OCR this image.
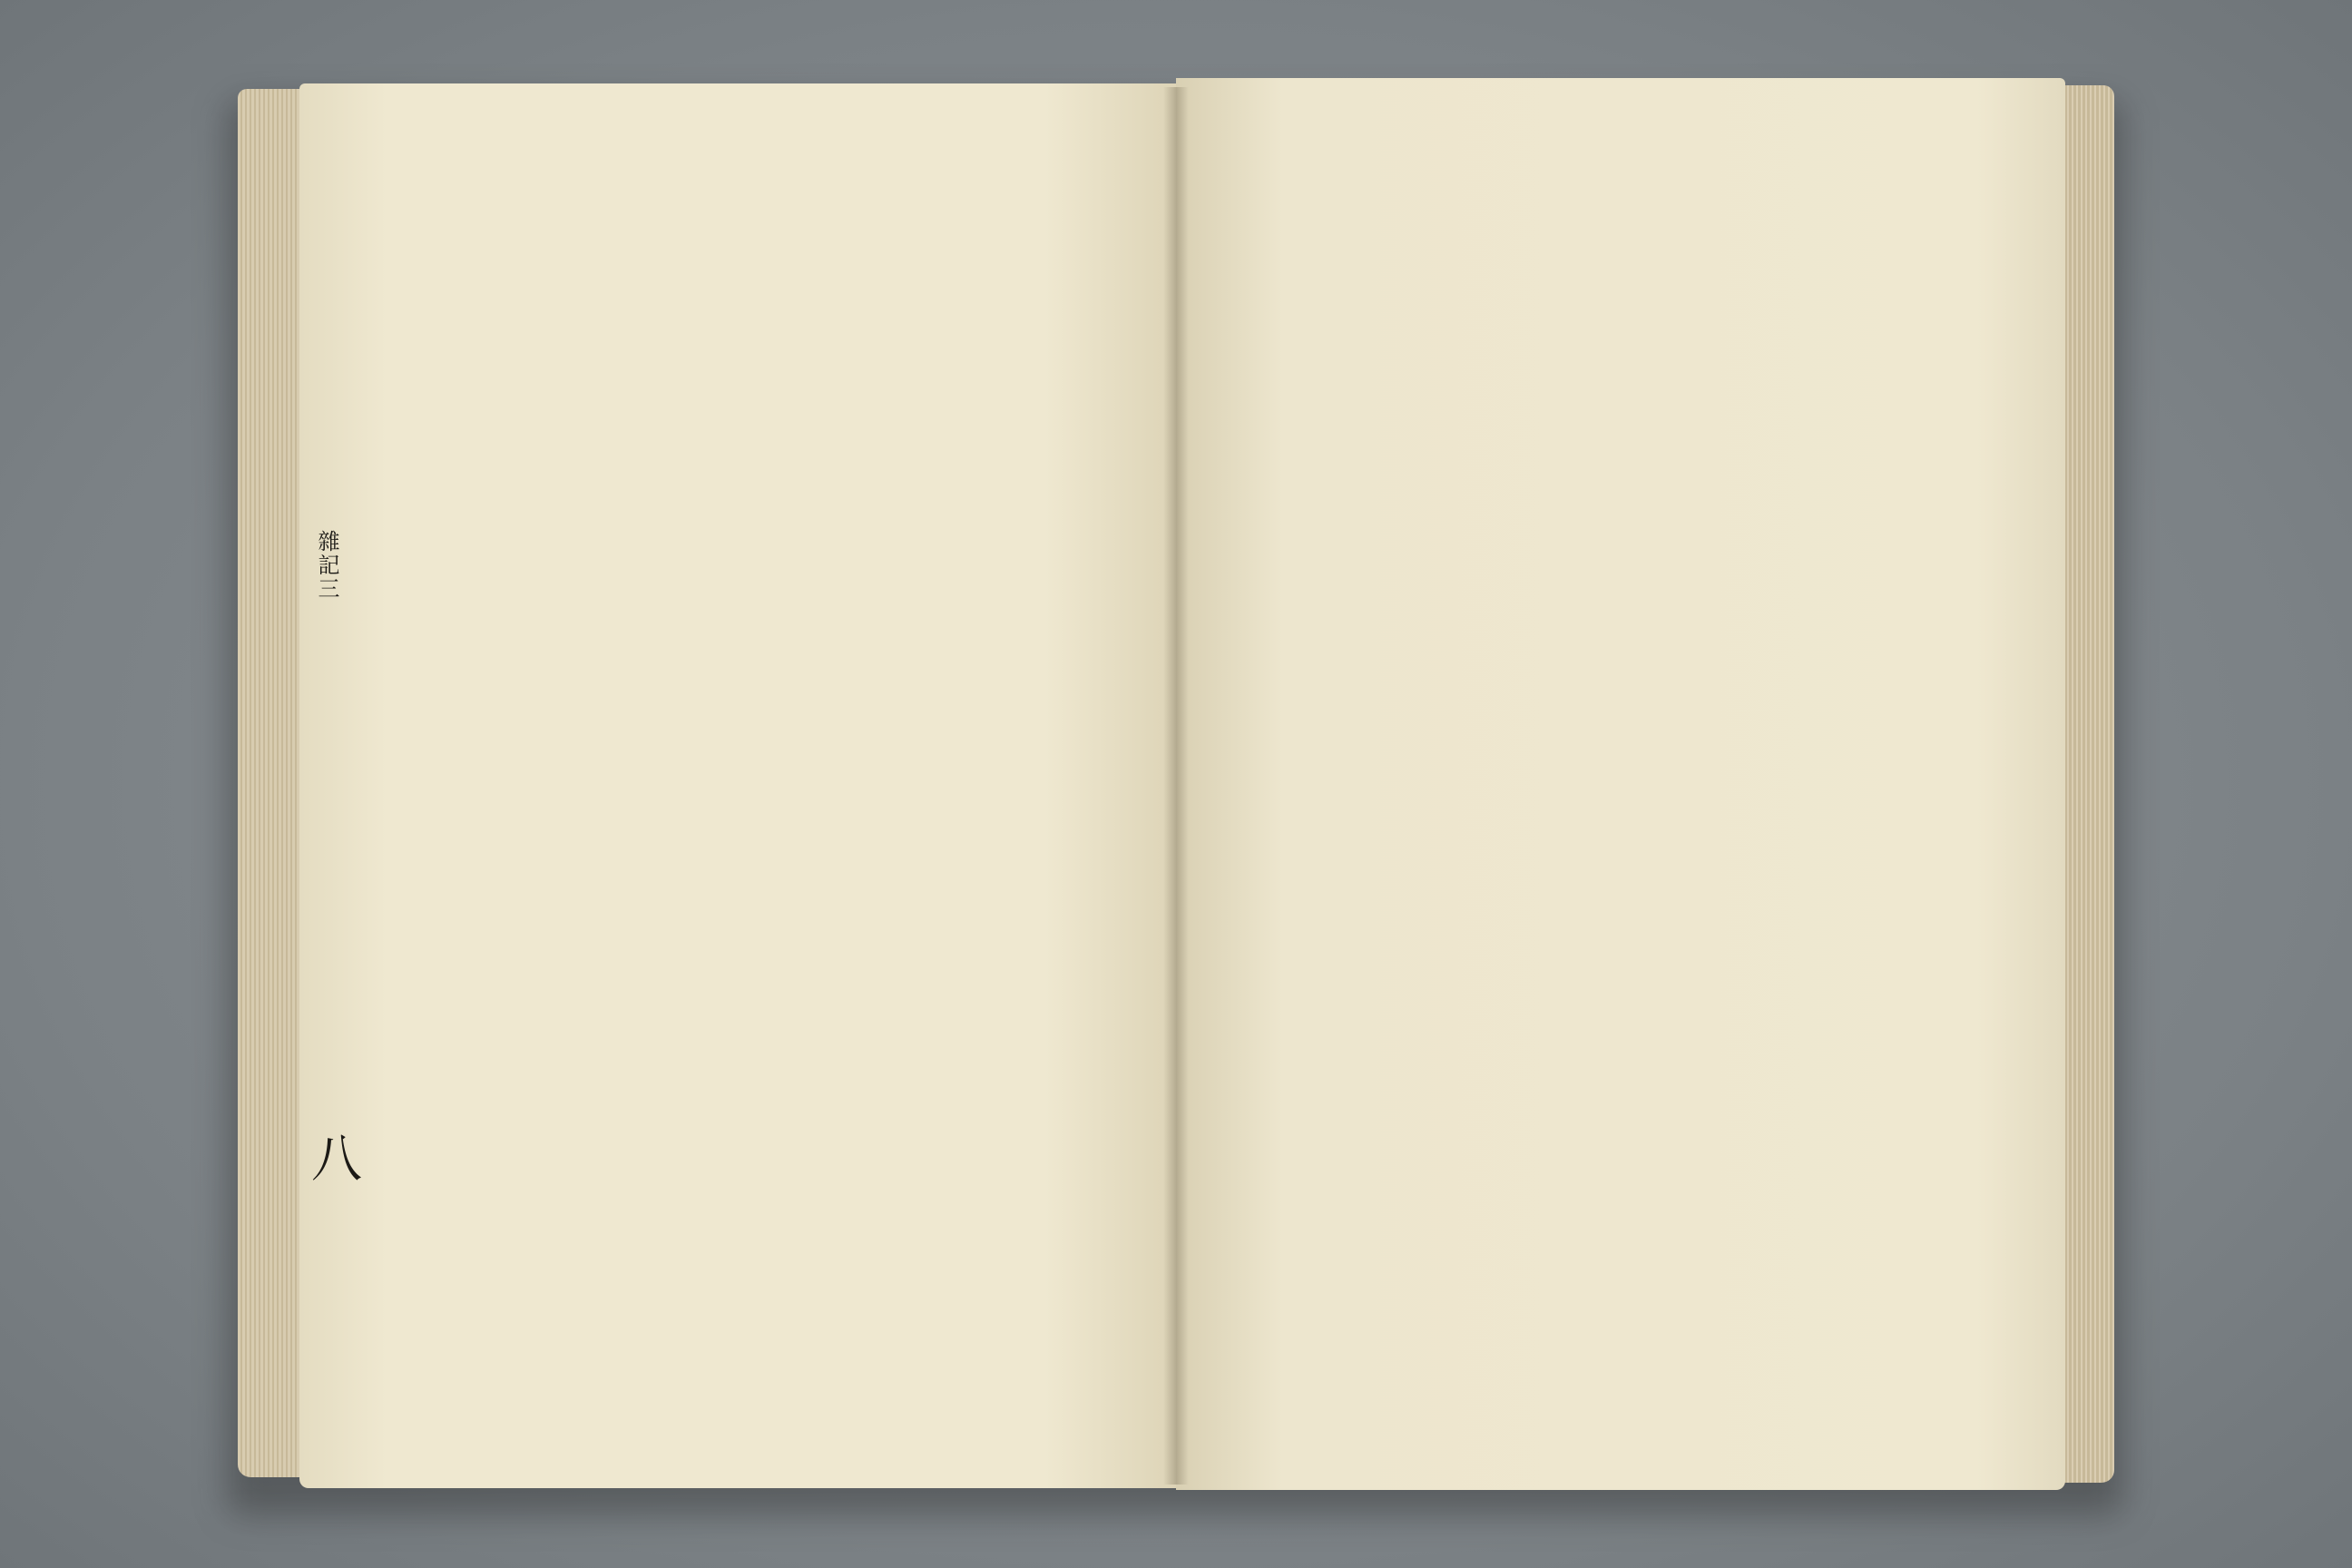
雜記三
八
